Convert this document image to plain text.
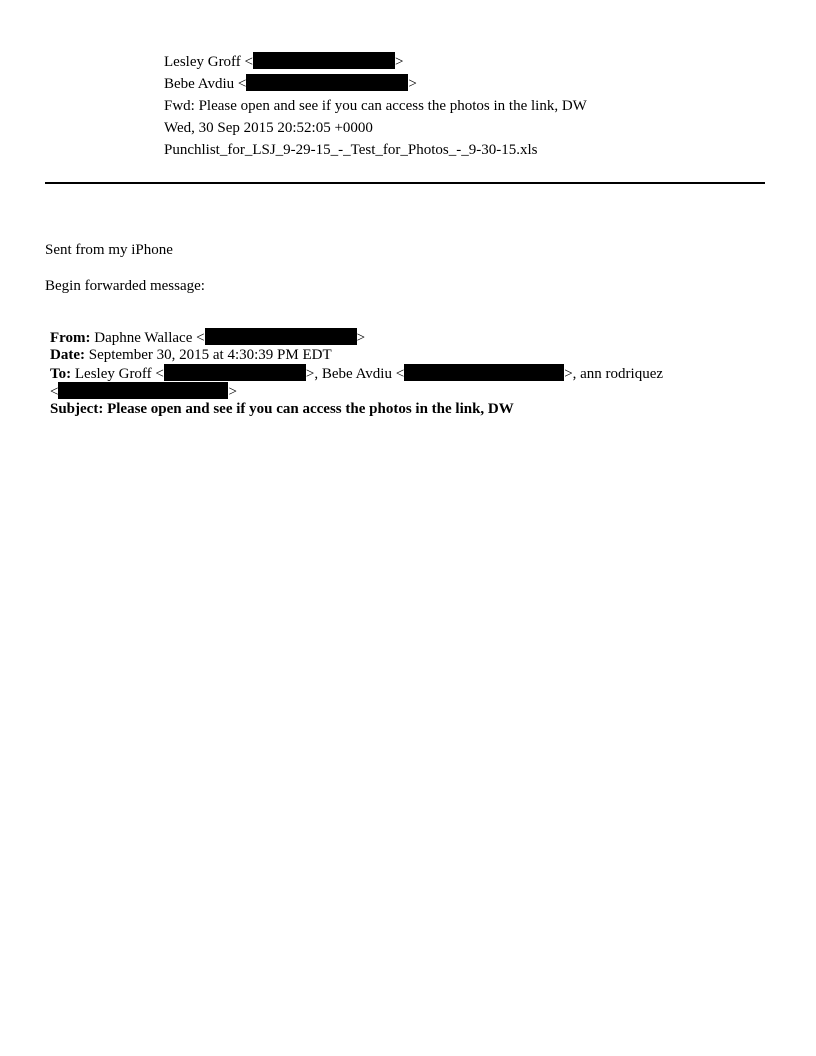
Lesley Groff <	>
Bebe Avdiu <	>
Fwd: Please open and see if you can access the photos in the link, DW
Wed, 30 Sep 2015 20:52:05 +0000
Punchlist_for_LSJ_9-29-15_-_Test_for_Photos_-_9-30-15.xls
Sent from my iPhone
Begin forwarded message:
From: Daphne Wallace <	>
Date: September 30, 2015 at 4:30:39 PM EDT
To: Lesley Groff <	>, Bebe Avdiu <	>, ann rodriquez
<	>
Subject: Please open and see if you can access the photos in the link, DW
